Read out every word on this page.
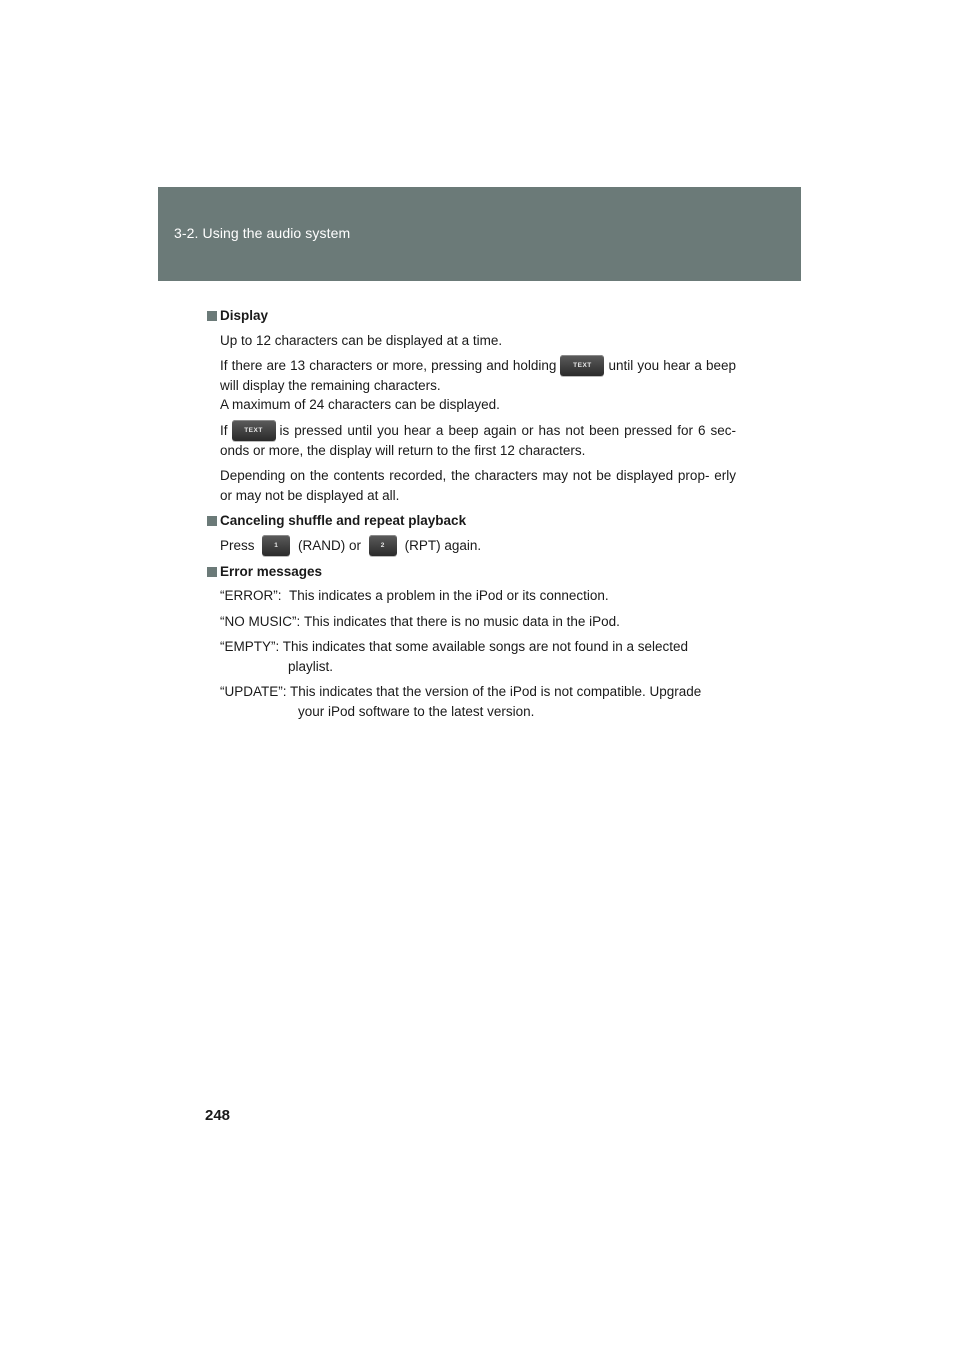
3-2. Using the audio system
Display
Up to 12 characters can be displayed at a time.
If there are 13 characters or more, pressing and holding	TEXT until you hear a beep will display the remaining characters.
A maximum of 24 characters can be displayed.
If	TEXT is pressed until you hear a beep again or has not been pressed for 6 sec- onds or more, the display will return to the first 12 characters.
Depending on the contents recorded, the characters may not be displayed prop- erly or may not be displayed at all.
Canceling shuffle and repeat playback
Press	1 (RAND) or	2 (RPT) again.
Error messages
“ERROR”:
This indicates a problem in the iPod or its connection.
“NO MUSIC”:
This indicates that there is no music data in the iPod.
“EMPTY”: This indicates that some available songs are not found in a selected
playlist.
“UPDATE”: This indicates that the version of the iPod is not compatible. Upgrade
your iPod software to the latest version.
248
